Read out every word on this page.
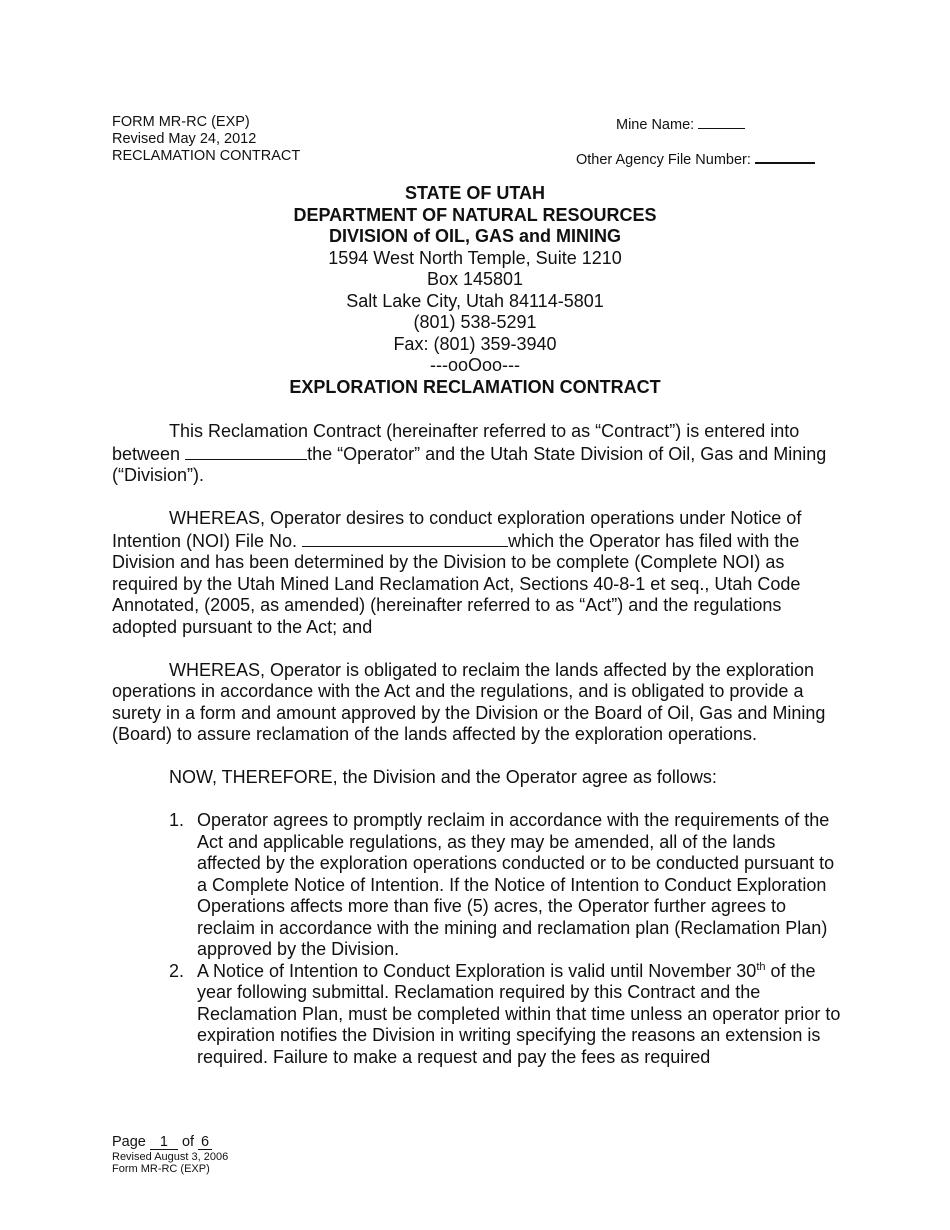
FORM MR-RC (EXP)
Revised May 24, 2012
RECLAMATION CONTRACT
Mine Name:
Other Agency File Number:
STATE OF UTAH
DEPARTMENT OF NATURAL RESOURCES
DIVISION of OIL, GAS and MINING
1594 West North Temple, Suite 1210
Box 145801
Salt Lake City, Utah 84114-5801
(801) 538-5291
Fax: (801) 359-3940
---ooOoo---
EXPLORATION RECLAMATION CONTRACT

This Reclamation Contract (hereinafter referred to as “Contract”) is entered into between	the “Operator” and the Utah State Division of Oil, Gas and Mining (“Division”).

WHEREAS, Operator desires to conduct exploration operations under Notice of Intention (NOI) File No.	which the Operator has filed with the Division and has been determined by the Division to be complete (Complete NOI) as required by the Utah Mined Land Reclamation Act, Sections 40-8-1 et seq., Utah Code Annotated, (2005, as amended) (hereinafter referred to as “Act”) and the regulations adopted pursuant to the Act; and

WHEREAS, Operator is obligated to reclaim the lands affected by the exploration operations in accordance with the Act and the regulations, and is obligated to provide a surety in a form and amount approved by the Division or the Board of Oil, Gas and Mining (Board) to assure reclamation of the lands affected by the exploration operations.

NOW, THEREFORE, the Division and the Operator agree as follows:

1. Operator agrees to promptly reclaim in accordance with the requirements of the Act and applicable regulations, as they may be amended, all of the lands affected by the exploration operations conducted or to be conducted pursuant to a Complete Notice of Intention. If the Notice of Intention to Conduct Exploration Operations affects more than five (5) acres, the Operator further agrees to reclaim in accordance with the mining and reclamation plan (Reclamation Plan) approved by the Division.
2. A Notice of Intention to Conduct Exploration is valid until November 30th of the year following submittal. Reclamation required by this Contract and the Reclamation Plan, must be completed within that time unless an operator prior to expiration notifies the Division in writing specifying the reasons an extension is required. Failure to make a request and pay the fees as required
Page 1 of 6
Revised August 3, 2006
Form MR-RC (EXP)
